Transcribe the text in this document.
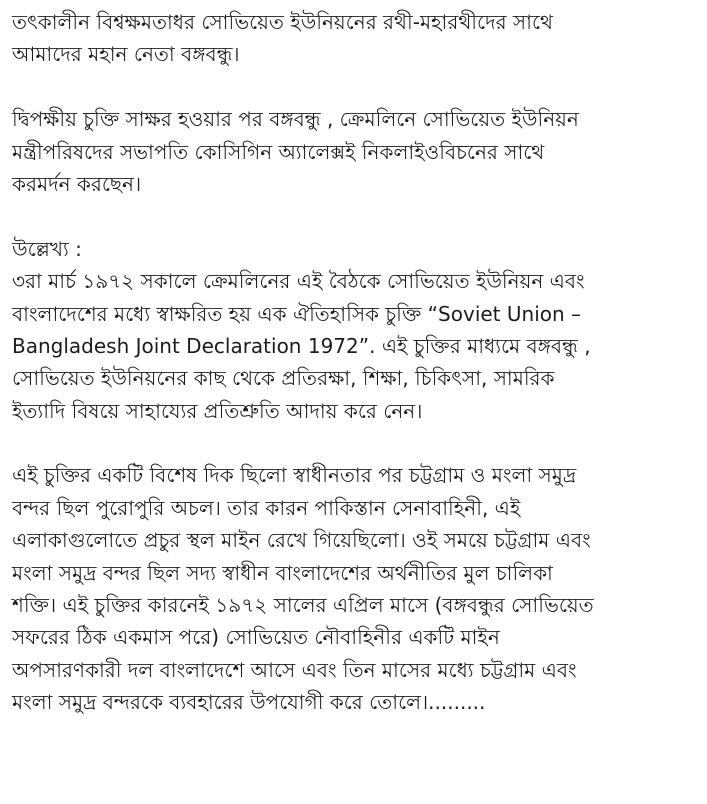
তৎকালীন বিশ্বক্ষমতাধর সোভিয়েত ইউনিয়নের রথী-মহারথীদের সাথে
আমাদের মহান নেতা বঙ্গবন্ধু।
দ্বিপক্ষীয় চুক্তি সাক্ষর হওয়ার পর বঙ্গবন্ধু , ক্রেমলিনে সোভিয়েত ইউনিয়ন
মন্ত্রীপরিষদের সভাপতি কোসিগিন অ্যালেক্সই নিকলাইওবিচনের সাথে
করমর্দন করছেন।
উল্লেখ্য :
৩রা মার্চ ১৯৭২ সকালে ক্রেমলিনের এই বৈঠকে সোভিয়েত ইউনিয়ন এবং
বাংলাদেশের মধ্যে স্বাক্ষরিত হয় এক ঐতিহাসিক চুক্তি “Soviet Union –
Bangladesh Joint Declaration 1972”. এই চুক্তির মাধ্যমে বঙ্গবন্ধু ,
সোভিয়েত ইউনিয়নের কাছ থেকে প্রতিরক্ষা, শিক্ষা, চিকিৎসা, সামরিক
ইত্যাদি বিষয়ে সাহায্যের প্রতিশ্রুতি আদায় করে নেন।
এই চুক্তির একটি বিশেষ দিক ছিলো স্বাধীনতার পর চট্টগ্রাম ও মংলা সমুদ্র
বন্দর ছিল পুরোপুরি অচল। তার কারন পাকিস্তান সেনাবাহিনী, এই
এলাকাগুলোতে প্রচুর স্থল মাইন রেখে গিয়েছিলো। ওই সময়ে চট্টগ্রাম এবং
মংলা সমুদ্র বন্দর ছিল সদ্য স্বাধীন বাংলাদেশের অর্থনীতির মুল চালিকা
শক্তি। এই চুক্তির কারনেই ১৯৭২ সালের এপ্রিল মাসে (বঙ্গবন্ধুর সোভিয়েত
সফরের ঠিক একমাস পরে) সোভিয়েত নৌবাহিনীর একটি মাইন
অপসারণকারী দল বাংলাদেশে আসে এবং তিন মাসের মধ্যে চট্টগ্রাম এবং
মংলা সমুদ্র বন্দরকে ব্যবহারের উপযোগী করে তোলে।.........
